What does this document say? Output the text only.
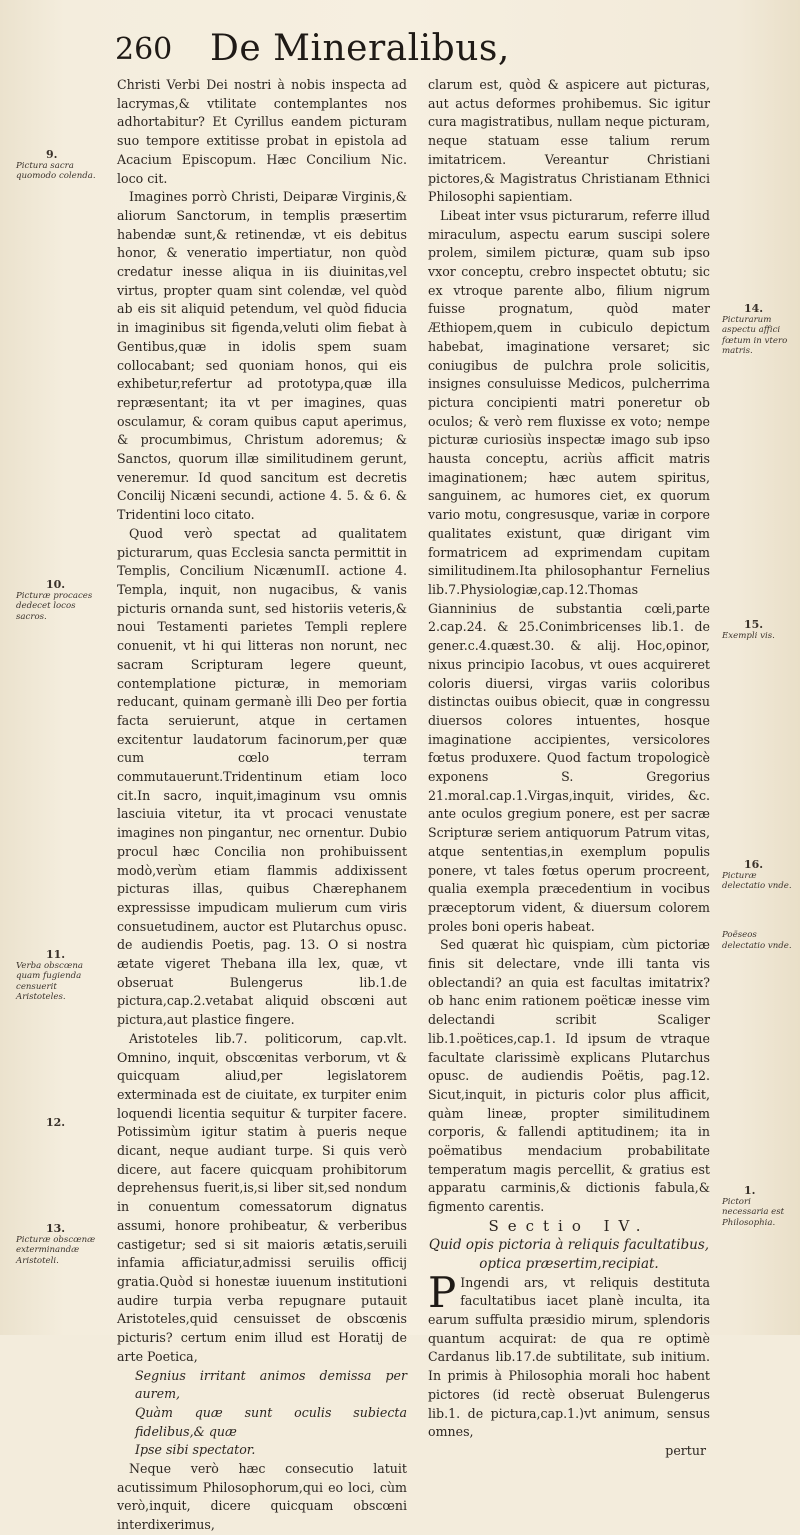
260 De Mineralibus,
9.
Pictura sacra quomodo colenda.
10.
Picturæ procaces dedecet locos sacros.
11.
Verba obscœna quam fugienda censuerit Aristoteles.
12.
13.
Picturæ obscœnæ exterminandæ Aristoteli.

Christi Verbi Dei nostri à nobis inspecta ad lacrymas,& vtilitate contemplantes nos adhortabitur? Et Cyrillus eandem picturam suo tempore extitisse probat in epistola ad Acacium Episcopum. Hæc Concilium Nic. loco cit.

Imagines porrò Christi, Deiparæ Virginis,& aliorum Sanctorum, in templis præsertim habendæ sunt,& retinendæ, vt eis debitus honor, & veneratio impertiatur, non quòd credatur inesse aliqua in iis diuinitas,vel virtus, propter quam sint colendæ, vel quòd ab eis sit aliquid petendum, vel quòd fiducia in imaginibus sit figenda,veluti olim fiebat à Gentibus,quæ in idolis spem suam collocabant; sed quoniam honos, qui eis exhibetur,refertur ad prototypa,quæ illa repræsentant; ita vt per imagines, quas osculamur, & coram quibus caput aperimus, & procumbimus, Christum adoremus; & Sanctos, quorum illæ similitudinem gerunt, veneremur. Id quod sancitum est decretis Concilij Nicæni secundi, actione 4. 5. & 6. & Tridentini loco citato.

Quod verò spectat ad qualitatem picturarum, quas Ecclesia sancta permittit in Templis, Concilium NicænumII. actione 4. Templa, inquit, non nugacibus, & vanis picturis ornanda sunt, sed historiis veteris,& noui Testamenti parietes Templi replere conuenit, vt hi qui litteras non norunt, nec sacram Scripturam legere queunt, contemplatione picturæ, in memoriam reducant, quinam germanè illi Deo per fortia facta seruierunt, atque in certamen excitentur laudatorum facinorum,per quæ cum cœlo terram commutauerunt.Tridentinum etiam loco cit.In sacro, inquit,imaginum vsu omnis lasciuia vitetur, ita vt procaci venustate imagines non pingantur, nec ornentur. Dubio procul hæc Concilia non prohibuissent modò,verùm etiam flammis addixissent picturas illas, quibus Chærephanem expressisse impudicam mulierum cum viris consuetudinem, auctor est Plutarchus opusc. de audiendis Poetis, pag. 13. O si nostra ætate vigeret Thebana illa lex, quæ, vt obseruat Bulengerus lib.1.de pictura,cap.2.vetabat aliquid obscœni aut pictura,aut plastice fingere.

Aristoteles lib.7. politicorum, cap.vlt. Omnino, inquit, obscœnitas verborum, vt & quicquam aliud,per legislatorem exterminada est de ciuitate, ex turpiter enim loquendi licentia sequitur & turpiter facere. Potissimùm igitur statim à pueris neque dicant, neque audiant turpe. Si quis verò dicere, aut facere quicquam prohibitorum deprehensus fuerit,is,si liber sit,sed nondum in conuentum comessatorum dignatus assumi, honore prohibeatur, & verberibus castigetur; sed si sit maioris ætatis,seruili infamia afficiatur,admissi seruilis officij gratia.Quòd si honestæ iuuenum institutioni audire turpia verba repugnare putauit Aristoteles,quid censuisset de obscœnis picturis? certum enim illud est Horatij de arte Poetica,

Segnius irritant animos demissa per aurem,

Quàm quæ sunt oculis subiecta fidelibus,& quæ

Ipse sibi spectator.

Neque verò hæc consecutio latuit acutissimum Philosophorum,qui eo loci, cùm verò,inquit, dicere quicquam obscœni interdixerimus,

clarum est, quòd & aspicere aut picturas, aut actus deformes prohibemus. Sic igitur cura magistratibus, nullam neque picturam, neque statuam esse talium rerum imitatricem. Vereantur Christiani pictores,& Magistratus Christianam Ethnici Philosophi sapientiam.

Libeat inter vsus picturarum, referre illud miraculum, aspectu earum suscipi solere prolem, similem picturæ, quam sub ipso vxor conceptu, crebro inspectet obtutu; sic ex vtroque parente albo, filium nigrum fuisse prognatum, quòd mater Æthiopem,quem in cubiculo depictum habebat, imaginatione versaret; sic coniugibus de pulchra prole solicitis, insignes consuluisse Medicos, pulcherrima pictura concipienti matri poneretur ob oculos; & verò rem fluxisse ex voto; nempe picturæ curiosiùs inspectæ imago sub ipso hausta conceptu, acriùs afficit matris imaginationem; hæc autem spiritus, sanguinem, ac humores ciet, ex quorum vario motu, congresusque, variæ in corpore qualitates existunt, quæ dirigant vim formatricem ad exprimendam cupitam similitudinem.Ita philosophantur Fernelius lib.7.Physiologiæ,cap.12.Thomas Gianninius de substantia cœli,parte 2.cap.24. & 25.Conimbricenses lib.1. de gener.c.4.quæst.30. & alij. Hoc,opinor, nixus principio Iacobus, vt oues acquireret coloris diuersi, virgas variis coloribus distinctas ouibus obiecit, quæ in congressu diuersos colores intuentes, hosque imaginatione accipientes, versicolores fœtus produxere. Quod factum tropologicè exponens S. Gregorius 21.moral.cap.1.Virgas,inquit, virides, &c. ante oculos gregium ponere, est per sacræ Scripturæ seriem antiquorum Patrum vitas, atque sententias,in exemplum populis ponere, vt tales fœtus operum procreent, qualia exempla præcedentium in vocibus præceptorum vident, & diuersum colorem proles boni operis habeat.

Sed quærat hìc quispiam, cùm pictoriæ finis sit delectare, vnde illi tanta vis oblectandi? an quia est facultas imitatrix? ob hanc enim rationem poëticæ inesse vim delectandi scribit Scaliger lib.1.poëtices,cap.1. Id ipsum de vtraque facultate clarissimè explicans Plutarchus opusc. de audiendis Poëtis, pag.12. Sicut,inquit, in picturis color plus afficit, quàm lineæ, propter similitudinem corporis, & fallendi aptitudinem; ita in poëmatibus mendacium probabilitate temperatum magis percellit, & gratius est apparatu carminis,& dictionis fabula,& figmento carentis.

Sectio IV.

Quid opis pictoria à reliquis facultatibus, optica præsertim,recipiat.

P Ingendi ars, vt reliquis destituta facultatibus iacet planè inculta, ita earum suffulta præsidio mirum, splendoris quantum acquirat: de qua re optimè Cardanus lib.17.de subtilitate, sub initium. In primis à Philosophia morali hoc habent pictores (id rectè obseruat Bulengerus lib.1. de pictura,cap.1.)vt animum, sensus omnes,

pertur

14.
Picturarum aspectu affici fœtum in vtero matris.
15.
Exempli vis.
16.
Picturæ delectatio vnde.
Poëseos delectatio vnde.
1.
Pictori necessaria est Philosophia.
